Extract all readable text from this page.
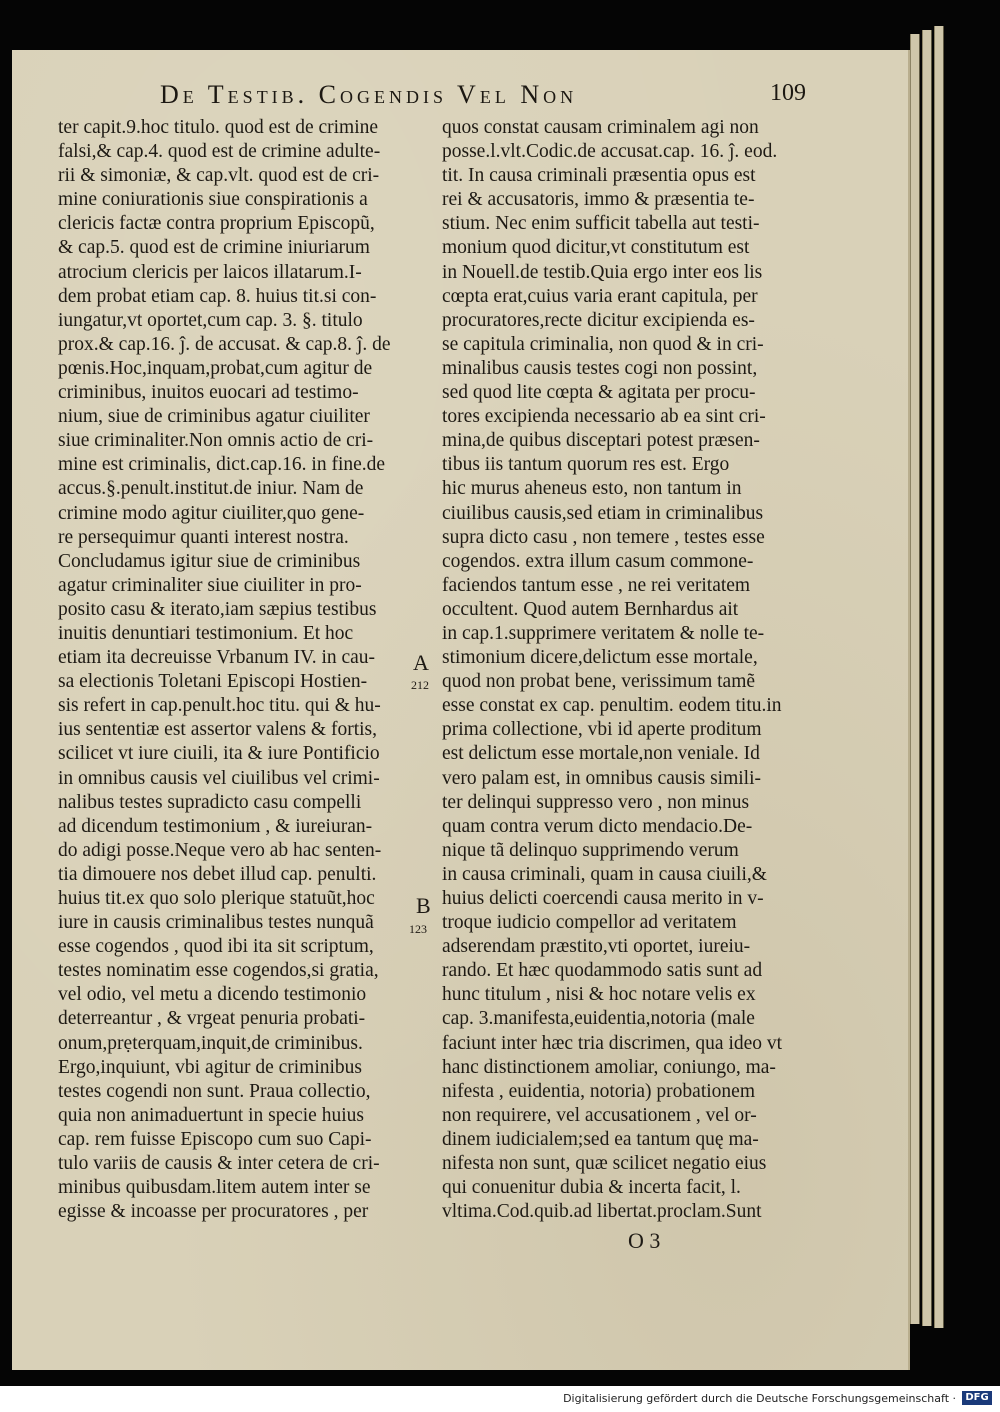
De Testib. Cogendis Vel Non	109
ter capit.9.hoc titulo. quod est de crimine
falsi,& cap.4. quod est de crimine adulte-
rii & simoniæ, & cap.vlt. quod est de cri-
mine coniurationis siue conspirationis a
clericis factæ contra proprium Episcopũ,
& cap.5. quod est de crimine iniuriarum
atrocium clericis per laicos illatarum.I-
dem probat etiam cap. 8. huius tit.si con-
iungatur,vt oportet,cum cap. 3. §. titulo
prox.& cap.16. ĵ. de accusat. & cap.8. ĵ. de
pœnis.Hoc,inquam,probat,cum agitur de
criminibus, inuitos euocari ad testimo-
nium, siue de criminibus agatur ciuiliter
siue criminaliter.Non omnis actio de cri-
mine est criminalis, dict.cap.16. in fine.de
accus.§.penult.institut.de iniur. Nam de
crimine modo agitur ciuiliter,quo gene-
re persequimur quanti interest nostra.
Concludamus igitur siue de criminibus
agatur criminaliter siue ciuiliter in pro-
posito casu & iterato,iam sæpius testibus
inuitis denuntiari testimonium. Et hoc
etiam ita decreuisse Vrbanum IV. in cau-
sa electionis Toletani Episcopi Hostien-
sis refert in cap.penult.hoc titu. qui & hu-
ius sententiæ est assertor valens & fortis,
scilicet vt iure ciuili, ita & iure Pontificio
in omnibus causis vel ciuilibus vel crimi-
nalibus testes supradicto casu compelli
ad dicendum testimonium , & iureiuran-
do adigi posse.Neque vero ab hac senten-
tia dimouere nos debet illud cap. penulti.
huius tit.ex quo solo plerique statuũt,hoc
iure in causis criminalibus testes nunquã
esse cogendos , quod ibi ita sit scriptum,
testes nominatim esse cogendos,si gratia,
vel odio, vel metu a dicendo testimonio
deterreantur , & vrgeat penuria probati-
onum,prẹterquam,inquit,de criminibus.
Ergo,inquiunt, vbi agitur de criminibus
testes cogendi non sunt. Praua collectio,
quia non animaduertunt in specie huius
cap. rem fuisse Episcopo cum suo Capi-
tulo variis de causis & inter cetera de cri-
minibus quibusdam.litem autem inter se
egisse & incoasse per procuratores , per
quos constat causam criminalem agi non
posse.l.vlt.Codic.de accusat.cap. 16. ĵ. eod.
tit. In causa criminali præsentia opus est
rei & accusatoris, immo & præsentia te-
stium. Nec enim sufficit tabella aut testi-
monium quod dicitur,vt constitutum est
in Nouell.de testib.Quia ergo inter eos lis
cœpta erat,cuius varia erant capitula, per
procuratores,recte dicitur excipienda es-
se capitula criminalia, non quod & in cri-
minalibus causis testes cogi non possint,
sed quod lite cœpta & agitata per procu-
tores excipienda necessario ab ea sint cri-
mina,de quibus disceptari potest præsen-
tibus iis tantum quorum res est. Ergo
hic murus aheneus esto, non tantum in
ciuilibus causis,sed etiam in criminalibus
supra dicto casu , non temere , testes esse
cogendos. extra illum casum commone-
faciendos tantum esse , ne rei veritatem
occultent. Quod autem Bernhardus ait
in cap.1.supprimere veritatem & nolle te-
stimonium dicere,delictum esse mortale,
quod non probat bene, verissimum tamẽ
esse constat ex cap. penultim. eodem titu.in
prima collectione, vbi id aperte proditum
est delictum esse mortale,non veniale. Id
vero palam est, in omnibus causis simili-
ter delinqui suppresso vero , non minus
quam contra verum dicto mendacio.De-
nique tã delinquo supprimendo verum
in causa criminali, quam in causa ciuili,&
huius delicti coercendi causa merito in v-
troque iudicio compellor ad veritatem
adserendam præstito,vti oportet, iureiu-
rando. Et hæc quodammodo satis sunt ad
hunc titulum , nisi & hoc notare velis ex
cap. 3.manifesta,euidentia,notoria (male
faciunt inter hæc tria discrimen, qua ideo vt
hanc distinctionem amoliar, coniungo, ma-
nifesta , euidentia, notoria) probationem
non requirere, vel accusationem , vel or-
dinem iudicialem;sed ea tantum quę ma-
nifesta non sunt, quæ scilicet negatio eius
qui conuenitur dubia & incerta facit, l.
vltima.Cod.quib.ad libertat.proclam.Sunt
A
212
B
123
O 3
Digitalisierung gefördert durch die Deutsche Forschungsgemeinschaft · DFG
